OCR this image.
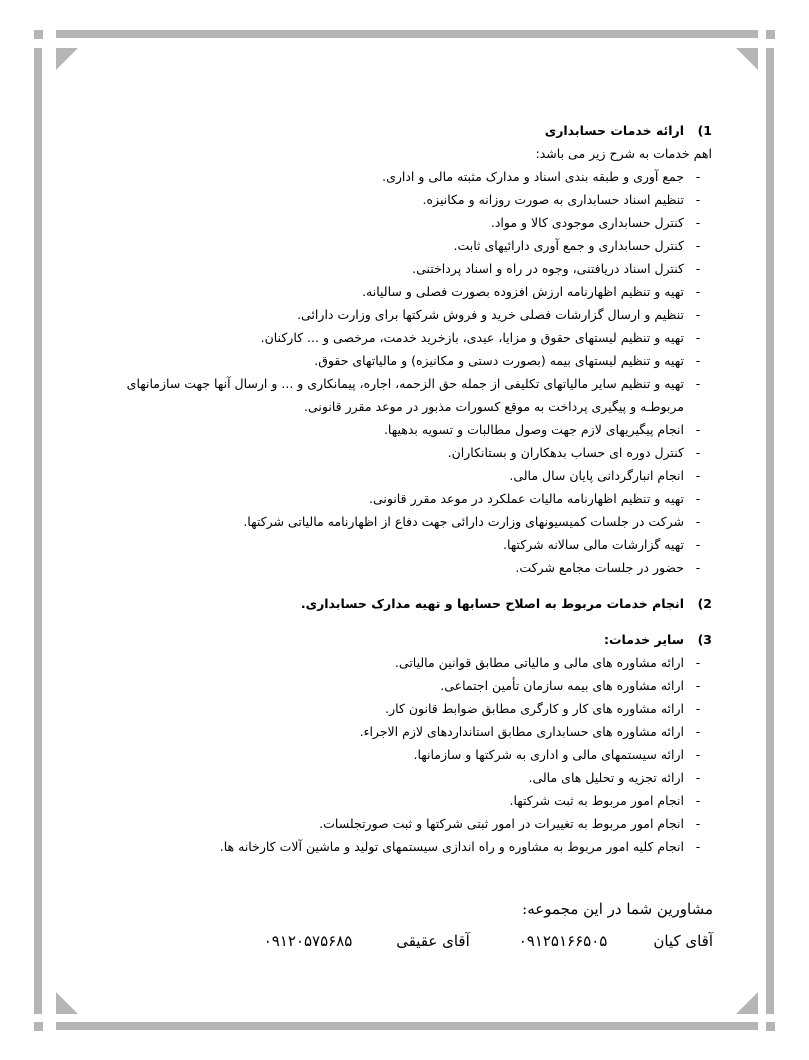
1)
ارائه خدمات حسابداری
اهم خدمات به شرح زیر می باشد:
-
جمع آوری و طبقه بندی اسناد و مدارک مثبته مالی و اداری.
-
تنظیم اسناد حسابداری به صورت روزانه و مکانیزه.
-
کنترل حسابداری موجودی کالا و مواد.
-
کنترل حسابداری و جمع آوری دارائیهای ثابت.
-
کنترل اسناد دریافتنی، وجوه در راه و اسناد پرداختنی.
-
تهیه و تنظیم اظهارنامه ارزش افزوده بصورت فصلی و سالیانه.
-
تنظیم و ارسال گزارشات فصلی خرید و فروش شرکتها برای وزارت دارائی.
-
تهیه و تنظیم لیستهای حقوق و مزایا، عیدی، بازخرید خدمت، مرخصی و ... کارکنان.
-
تهیه و تنظیم لیستهای بیمه (بصورت دستی و مکانیزه) و مالیاتهای حقوق.
-
تهیه و تنظیم سایر مالیاتهای تکلیفی از جمله حق الزحمه، اجاره، پیمانکاری و ... و ارسال آنها جهت سازمانهای مربوطـه و پیگیری پرداخت به موقع کسورات مذبور در موعد مقرر قانونی.
-
انجام پیگیریهای لازم جهت وصول مطالبات و تسویه بدهیها.
-
کنترل دوره ای حساب بدهکاران و بستانکاران.
-
انجام انبارگردانی پایان سال مالی.
-
تهیه و تنظیم اظهارنامه مالیات عملکرد در موعد مقرر قانونی.
-
شرکت در جلسات کمیسیونهای وزارت دارائی جهت دفاع از اظهارنامه مالیاتی شرکتها.
-
تهیه گزارشات مالی سالانه شرکتها.
-
حضور در جلسات مجامع شرکت.
2)
انجام خدمات مربوط به اصلاح حسابها و تهیه مدارک حسابداری.
3)
سایر خدمات:
-
ارائه مشاوره های مالی و مالیاتی مطابق قوانین مالیاتی.
-
ارائه مشاوره های بیمه سازمان تأمین اجتماعی.
-
ارائه مشاوره های کار و کارگری مطابق ضوابط قانون کار.
-
ارائه مشاوره های حسابداری مطابق استانداردهای لازم الاجراء.
-
ارائه سیستمهای مالی و اداری به شرکتها و سازمانها.
-
ارائه تجزیه و تحلیل های مالی.
-
انجام امور مربوط به ثبت شرکتها.
-
انجام امور مربوط به تغییرات در امور ثبتی شرکتها و ثبت صورتجلسات.
-
انجام کلیه امور مربوط به مشاوره و راه اندازی سیستمهای تولید و ماشین آلات کارخانه ها.
مشاورین شما در این مجموعه:
آقای کیان
۰۹۱۲۵۱۶۶۵۰۵
آقای عقیقی
۰۹۱۲۰۵۷۵۶۸۵
